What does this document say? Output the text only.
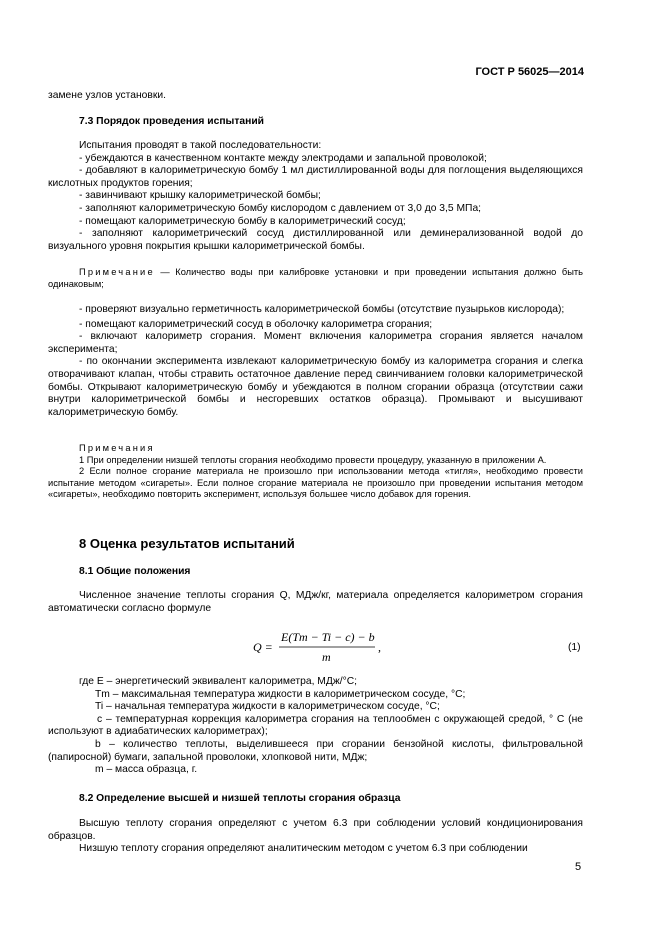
ГОСТ Р 56025—2014

замене узлов установки.

7.3 Порядок проведения испытаний

Испытания проводят в такой последовательности:

- убеждаются в качественном контакте между электродами и запальной проволокой;

- добавляют в калориметрическую бомбу 1 мл дистиллированной воды для поглощения выделяющихся кислотных продуктов горения;

- завинчивают крышку калориметрической бомбы;

- заполняют калориметрическую бомбу кислородом с давлением от 3,0 до 3,5 МПа;

- помещают калориметрическую бомбу в калориметрический сосуд;

- заполняют калориметрический сосуд дистиллированной или деминерализованной водой до визуального уровня покрытия крышки калориметрической бомбы.

Примечание — Количество воды при калибровке установки и при проведении испытания должно быть одинаковым;

- проверяют визуально герметичность калориметрической бомбы (отсутствие пузырьков кислорода);

- помещают калориметрический сосуд в оболочку калориметра сгорания;

- включают калориметр сгорания. Момент включения калориметра сгорания является началом эксперимента;

- по окончании эксперимента извлекают калориметрическую бомбу из калориметра сгорания и слегка отворачивают клапан, чтобы стравить остаточное давление перед свинчиванием головки калориметрической бомбы. Открывают калориметрическую бомбу и убеждаются в полном сгорании образца (отсутствии сажи внутри калориметрической бомбы и несгоревших остатков образца). Промывают и высушивают калориметрическую бомбу.

Примечания

1 При определении низшей теплоты сгорания необходимо провести процедуру, указанную в приложении А.

2 Если полное сгорание материала не произошло при использовании метода «тигля», необходимо провести испытание методом «сигареты». Если полное сгорание материала не произошло при проведении испытания методом «сигареты», необходимо повторить эксперимент, используя большее число добавок для горения.

8 Оценка результатов испытаний

8.1 Общие положения

Численное значение теплоты сгорания Q, МДж/кг, материала определяется калориметром сгорания автоматически согласно формуле

Q =
E(Tm − Ti − c) − b
m
,	(1)

где E – энергетический эквивалент калориметра, МДж/°С;

Tm – максимальная температура жидкости в калориметрическом сосуде, °С;

Ti – начальная температура жидкости в калориметрическом сосуде, °С;

c – температурная коррекция калориметра сгорания на теплообмен с окружающей средой, ° С (не используют в адиабатических калориметрах);

b – количество теплоты, выделившееся при сгорании бензойной кислоты, фильтровальной (папиросной) бумаги, запальной проволоки, хлопковой нити, МДж;

m – масса образца, г.

8.2 Определение высшей и низшей теплоты сгорания образца

Высшую теплоту сгорания определяют с учетом 6.3 при соблюдении условий кондиционирования образцов.

Низшую теплоту сгорания определяют аналитическим методом с учетом 6.3 при соблюдении

5
